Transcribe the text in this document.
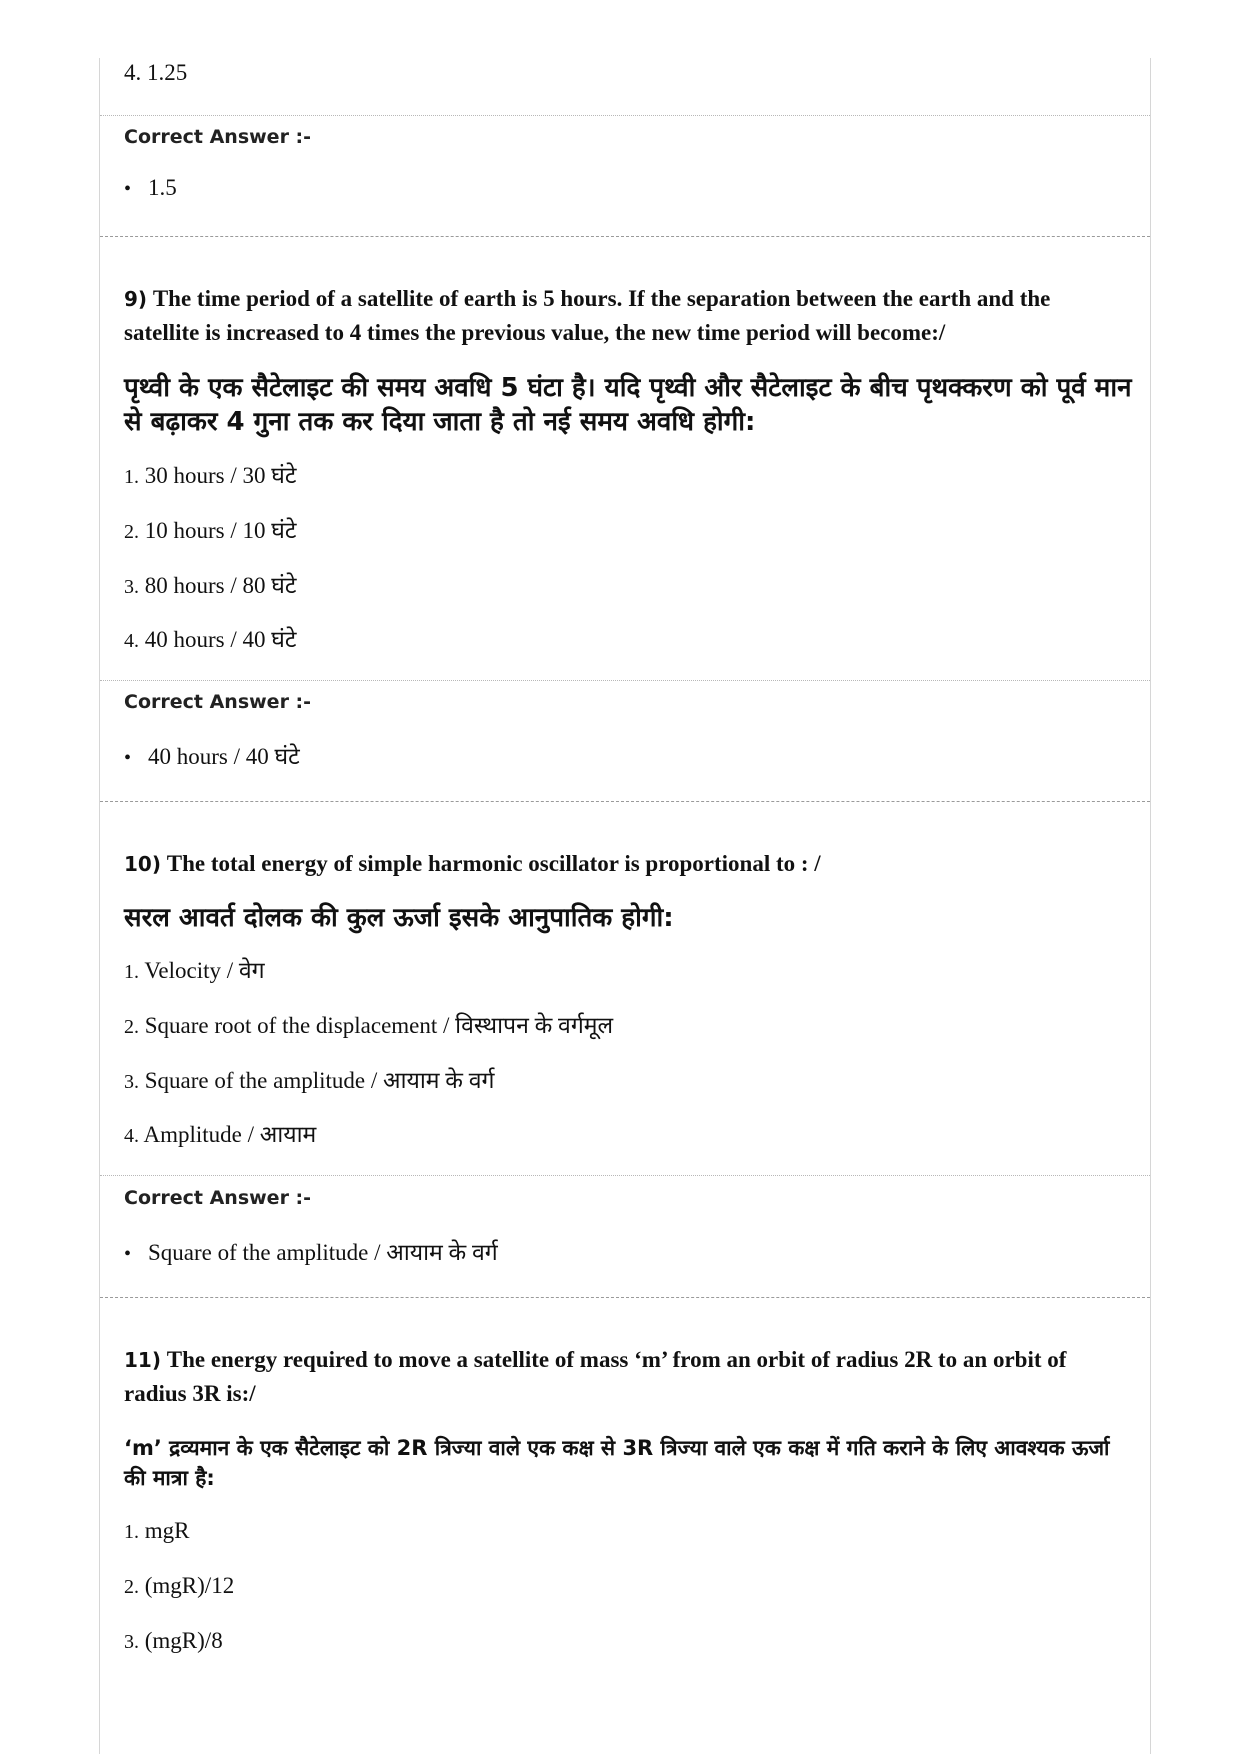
4. 1.25
Correct Answer :-
• 1.5
9) The time period of a satellite of earth is 5 hours. If the separation between the earth and the satellite is increased to 4 times the previous value, the new time period will become:/
पृथ्वी के एक सैटेलाइट की समय अवधि 5 घंटा है। यदि पृथ्वी और सैटेलाइट के बीच पृथक्करण को पूर्व मान से बढ़ाकर 4 गुना तक कर दिया जाता है तो नई समय अवधि होगी:
1. 30 hours / 30 घंटे
2. 10 hours / 10 घंटे
3. 80 hours / 80 घंटे
4. 40 hours / 40 घंटे
Correct Answer :-
• 40 hours / 40 घंटे
10) The total energy of simple harmonic oscillator is proportional to : /
सरल आवर्त दोलक की कुल ऊर्जा इसके आनुपातिक होगी:
1. Velocity / वेग
2. Square root of the displacement / विस्थापन के वर्गमूल
3. Square of the amplitude / आयाम के वर्ग
4. Amplitude / आयाम
Correct Answer :-
• Square of the amplitude / आयाम के वर्ग
11) The energy required to move a satellite of mass ‘m’ from an orbit of radius 2R to an orbit of radius 3R is:/
‘m’ द्रव्यमान के एक सैटेलाइट को 2R त्रिज्या वाले एक कक्ष से 3R त्रिज्या वाले एक कक्ष में गति कराने के लिए आवश्यक ऊर्जा की मात्रा है:
1. mgR
2. (mgR)/12
3. (mgR)/8
